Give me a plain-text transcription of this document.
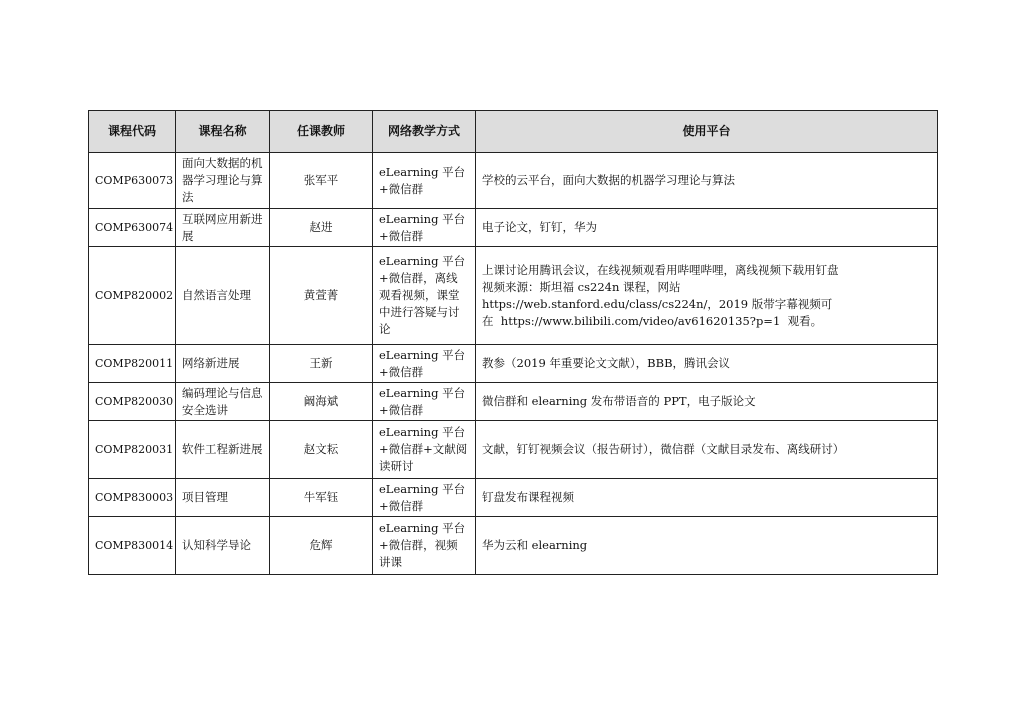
课程代码	课程名称	任课教师	网络教学方式	使用平台
COMP630073	面向大数据的机器学习理论与算法	张军平	eLearning 平台+微信群	学校的云平台，面向大数据的机器学习理论与算法

COMP630074	互联网应用新进展	赵进	eLearning 平台+微信群	电子论文，钉钉，华为

COMP820002	自然语言处理	黄萱菁	eLearning 平台+微信群，离线观看视频，课堂中进行答疑与讨论	上课讨论用腾讯会议，在线视频观看用哔哩哔哩，离线视频下载用钉盘
视频来源：斯坦福 cs224n 课程，网站
https://web.stanford.edu/class/cs224n/，2019 版带字幕视频可
在  https://www.bilibili.com/video/av61620135?p=1  观看。

COMP820011	网络新进展	王新	eLearning 平台+微信群	教参（2019 年重要论文文献），BBB，腾讯会议

COMP820030	编码理论与信息安全选讲	阚海斌	eLearning 平台+微信群	微信群和 elearning 发布带语音的 PPT，电子版论文

COMP820031	软件工程新进展	赵文耘	eLearning 平台+微信群+文献阅读研讨	文献，钉钉视频会议（报告研讨），微信群（文献目录发布、离线研讨）

COMP830003	项目管理	牛军钰	eLearning 平台+微信群	钉盘发布课程视频

COMP830014	认知科学导论	危辉	eLearning 平台+微信群，视频讲课	华为云和 elearning
